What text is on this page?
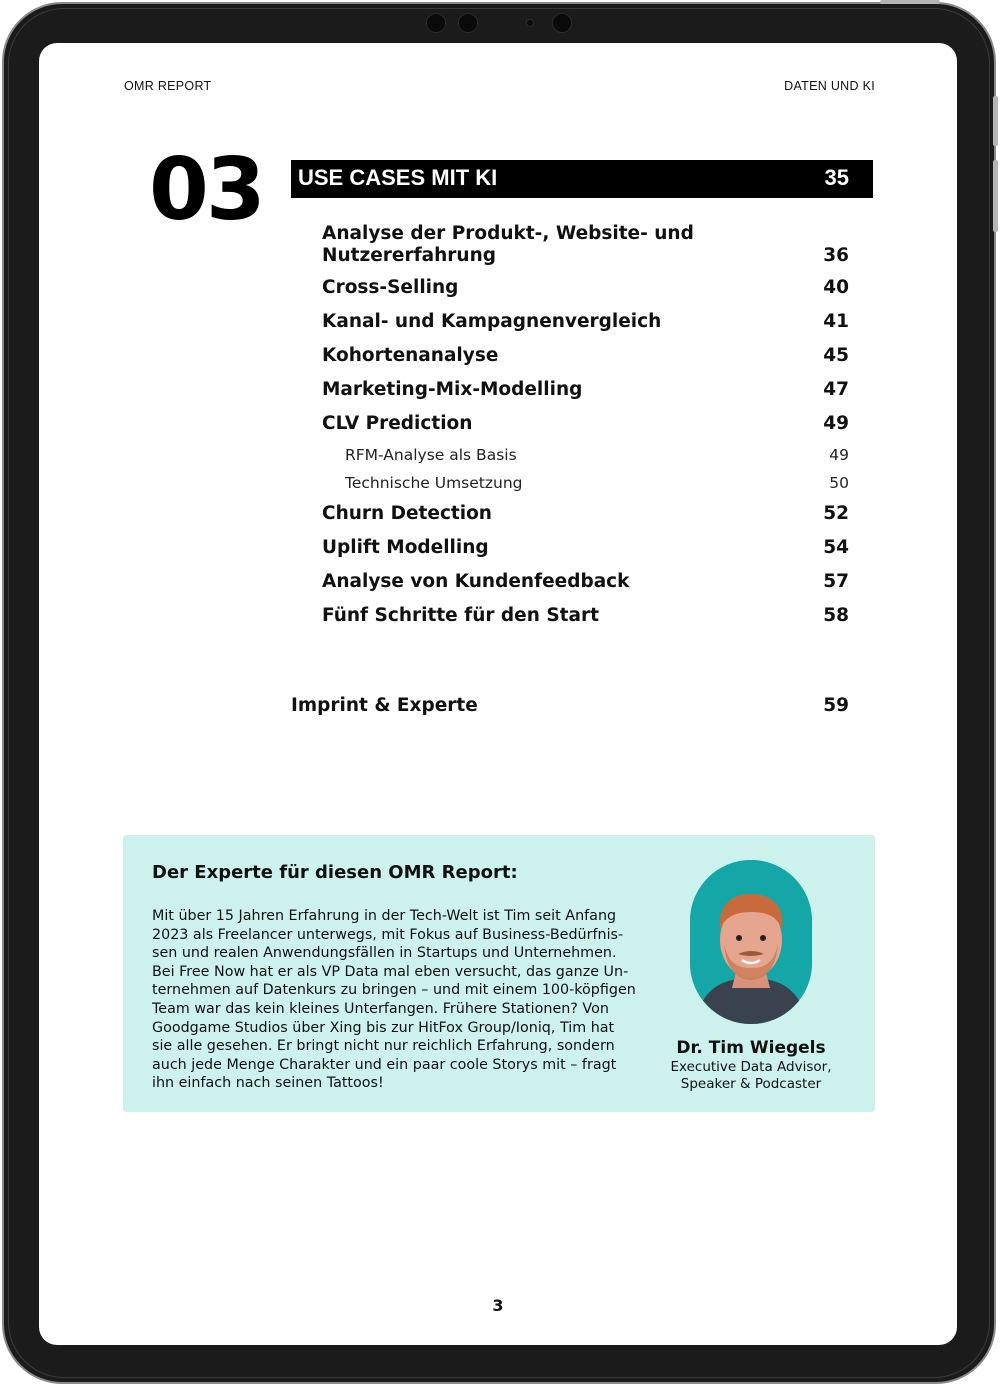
OMR REPORT	DATEN UND KI
03 USE CASES MIT KI	35
Analyse der Produkt-, Website- und
Nutzererfahrung	36
Cross-Selling	40
Kanal- und Kampagnenvergleich	41
Kohortenanalyse	45
Marketing-Mix-Modelling	47
CLV Prediction	49
RFM-Analyse als Basis	49
Technische Umsetzung	50
Churn Detection	52
Uplift Modelling	54
Analyse von Kundenfeedback	57
Fünf Schritte für den Start	58
Imprint & Experte	59
Der Experte für diesen OMR Report:
Mit über 15 Jahren Erfahrung in der Tech-Welt ist Tim seit Anfang
2023 als Freelancer unterwegs, mit Fokus auf Business-Bedürfnis-
sen und realen Anwendungsfällen in Startups und Unternehmen.
Bei Free Now hat er als VP Data mal eben versucht, das ganze Un-
ternehmen auf Datenkurs zu bringen – und mit einem 100-köpfigen
Team war das kein kleines Unterfangen. Frühere Stationen? Von
Goodgame Studios über Xing bis zur HitFox Group/Ioniq, Tim hat
sie alle gesehen. Er bringt nicht nur reichlich Erfahrung, sondern
auch jede Menge Charakter und ein paar coole Storys mit – fragt
ihn einfach nach seinen Tattoos!
Dr. Tim Wiegels
Executive Data Advisor,
Speaker & Podcaster
3
